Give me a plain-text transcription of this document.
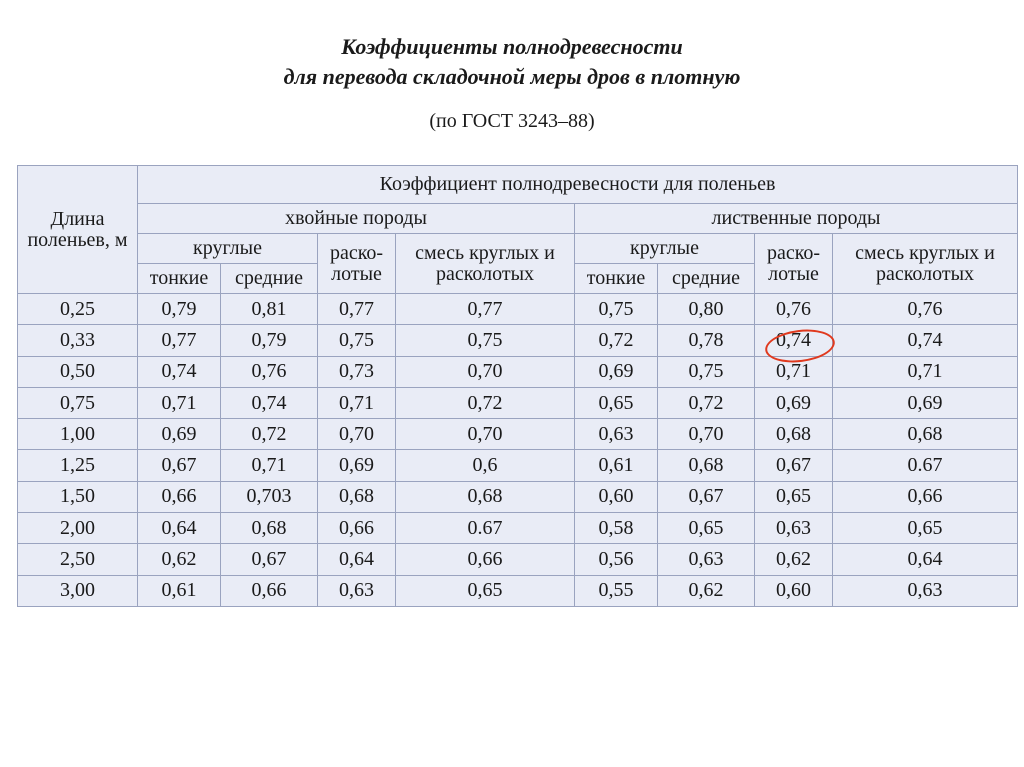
Коэффициенты полнодревесности
для перевода складочной меры дров в плотную
(по ГОСТ 3243–88)
Длина поленьев, м	Коэффициент полнодревесности для поленьев							
	хвойные породы				лиственные породы			
	круглые		раско-лотые	смесь круглых и расколотых	круглые		раско-лотые	смесь круглых и расколотых
	тонкие	средние			тонкие	средние		
0,25	0,79	0,81	0,77	0,77	0,75	0,80	0,76	0,76
0,33	0,77	0,79	0,75	0,75	0,72	0,78	0,74	0,74
0,50	0,74	0,76	0,73	0,70	0,69	0,75	0,71	0,71
0,75	0,71	0,74	0,71	0,72	0,65	0,72	0,69	0,69
1,00	0,69	0,72	0,70	0,70	0,63	0,70	0,68	0,68
1,25	0,67	0,71	0,69	0,6	0,61	0,68	0,67	0.67
1,50	0,66	0,703	0,68	0,68	0,60	0,67	0,65	0,66
2,00	0,64	0,68	0,66	0.67	0,58	0,65	0,63	0,65
2,50	0,62	0,67	0,64	0,66	0,56	0,63	0,62	0,64
3,00	0,61	0,66	0,63	0,65	0,55	0,62	0,60	0,63
